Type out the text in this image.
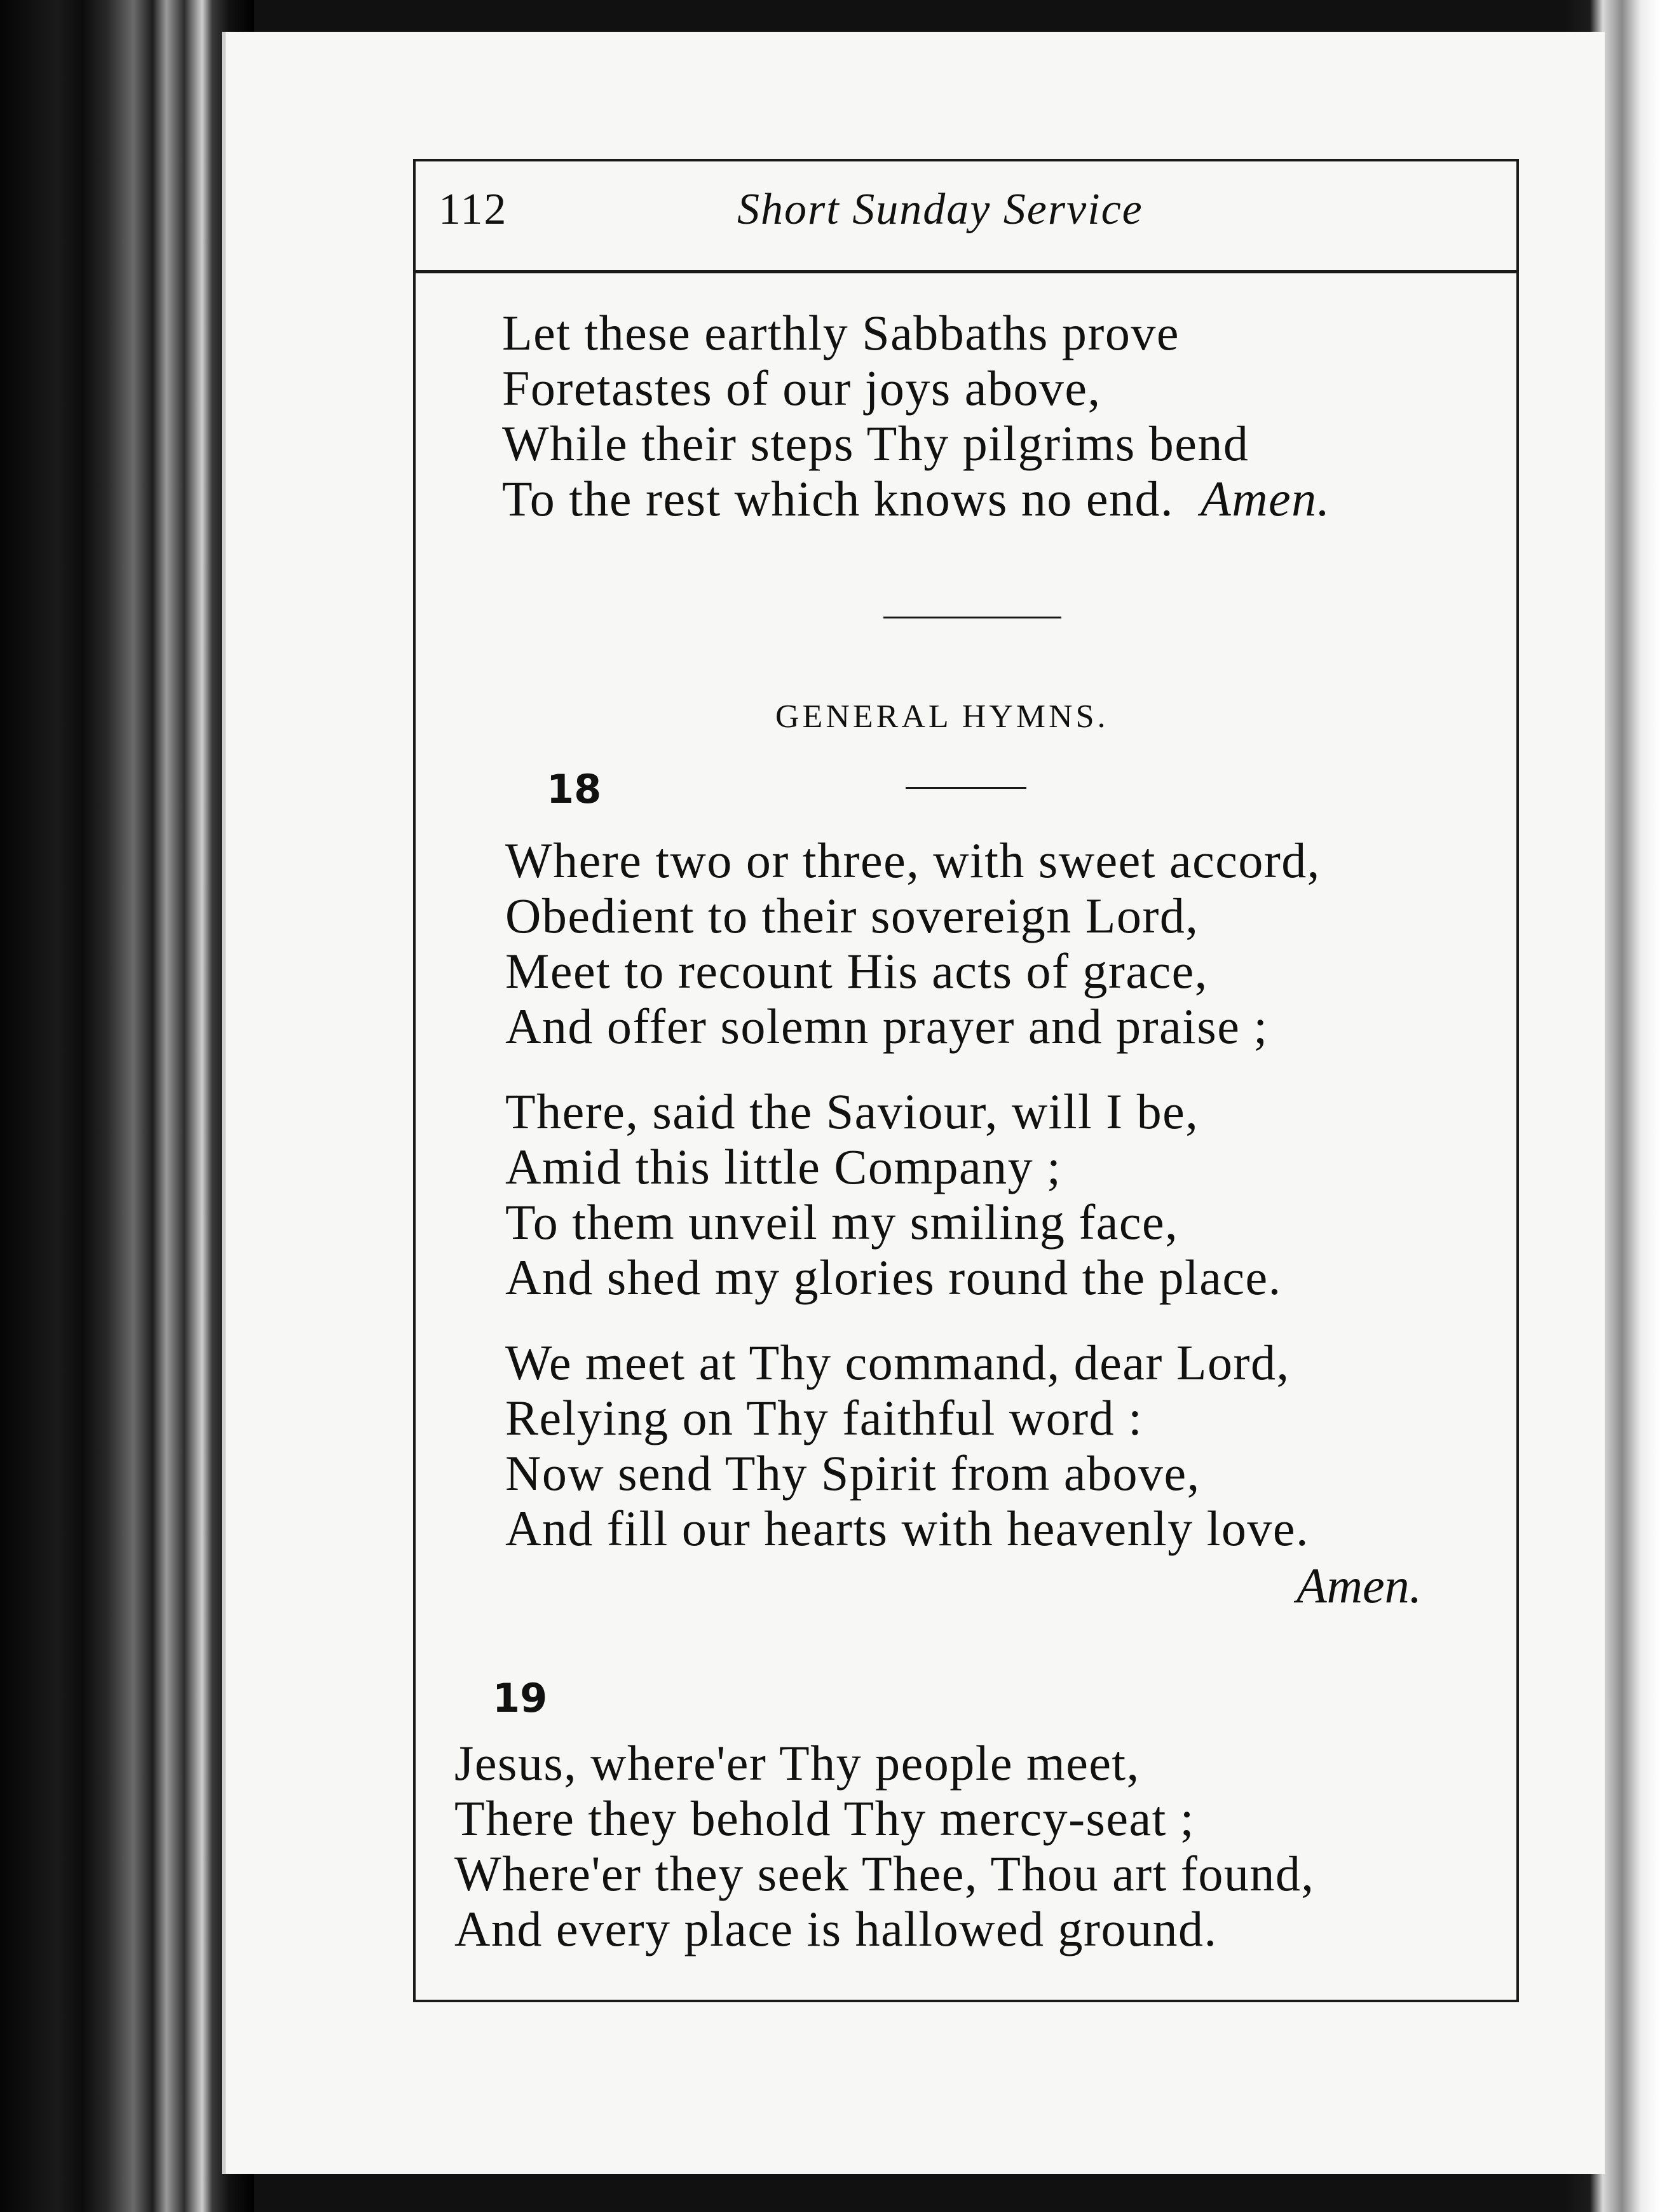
112	Short Sunday Service
Let these earthly Sabbaths prove
Foretastes of our joys above,
While their steps Thy pilgrims bend
To the rest which knows no end. Amen.
GENERAL HYMNS.
18
Where two or three, with sweet accord,
Obedient to their sovereign Lord,
Meet to recount His acts of grace,
And offer solemn prayer and praise ;
There, said the Saviour, will I be,
Amid this little Company ;
To them unveil my smiling face,
And shed my glories round the place.
We meet at Thy command, dear Lord,
Relying on Thy faithful word :
Now send Thy Spirit from above,
And fill our hearts with heavenly love.
Amen.
19
Jesus, where'er Thy people meet,
There they behold Thy mercy-seat ;
Where'er they seek Thee, Thou art found,
And every place is hallowed ground.
